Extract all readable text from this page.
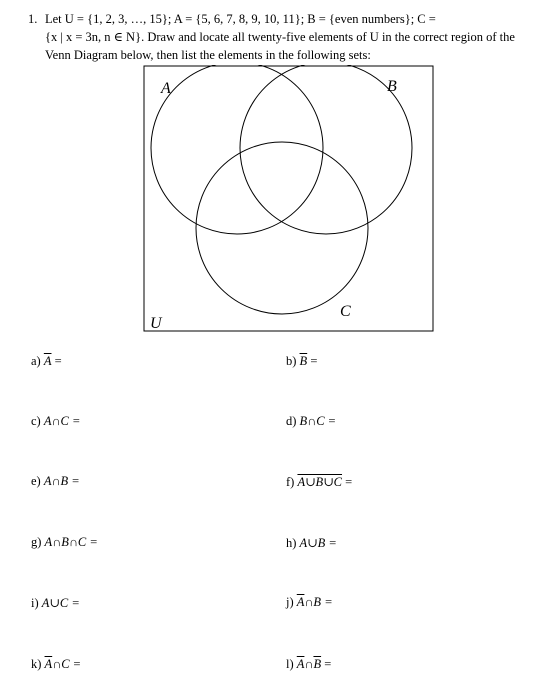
1. Let U = {1, 2, 3, …, 15}; A = {5, 6, 7, 8, 9, 10, 11}; B = {even numbers}; C =
{x | x = 3n, n ∈ N}. Draw and locate all twenty-five elements of U in the correct region of the
Venn Diagram below, then list the elements in the following sets:
A	B
C
U
a) $\overline{A}$ =
c) A∩C =
e) A∩B =
g) A∩B∩C =
i) A∪C =
k) $\overline{A}\cap C$ =
b) $\overline{B}$ =
d) B∩C =
f) A∪B∪C =
h) A∪B =
j) $\overline{A}\cap B$ =
l) $\overline{A}\cap\overline{B}$ =
